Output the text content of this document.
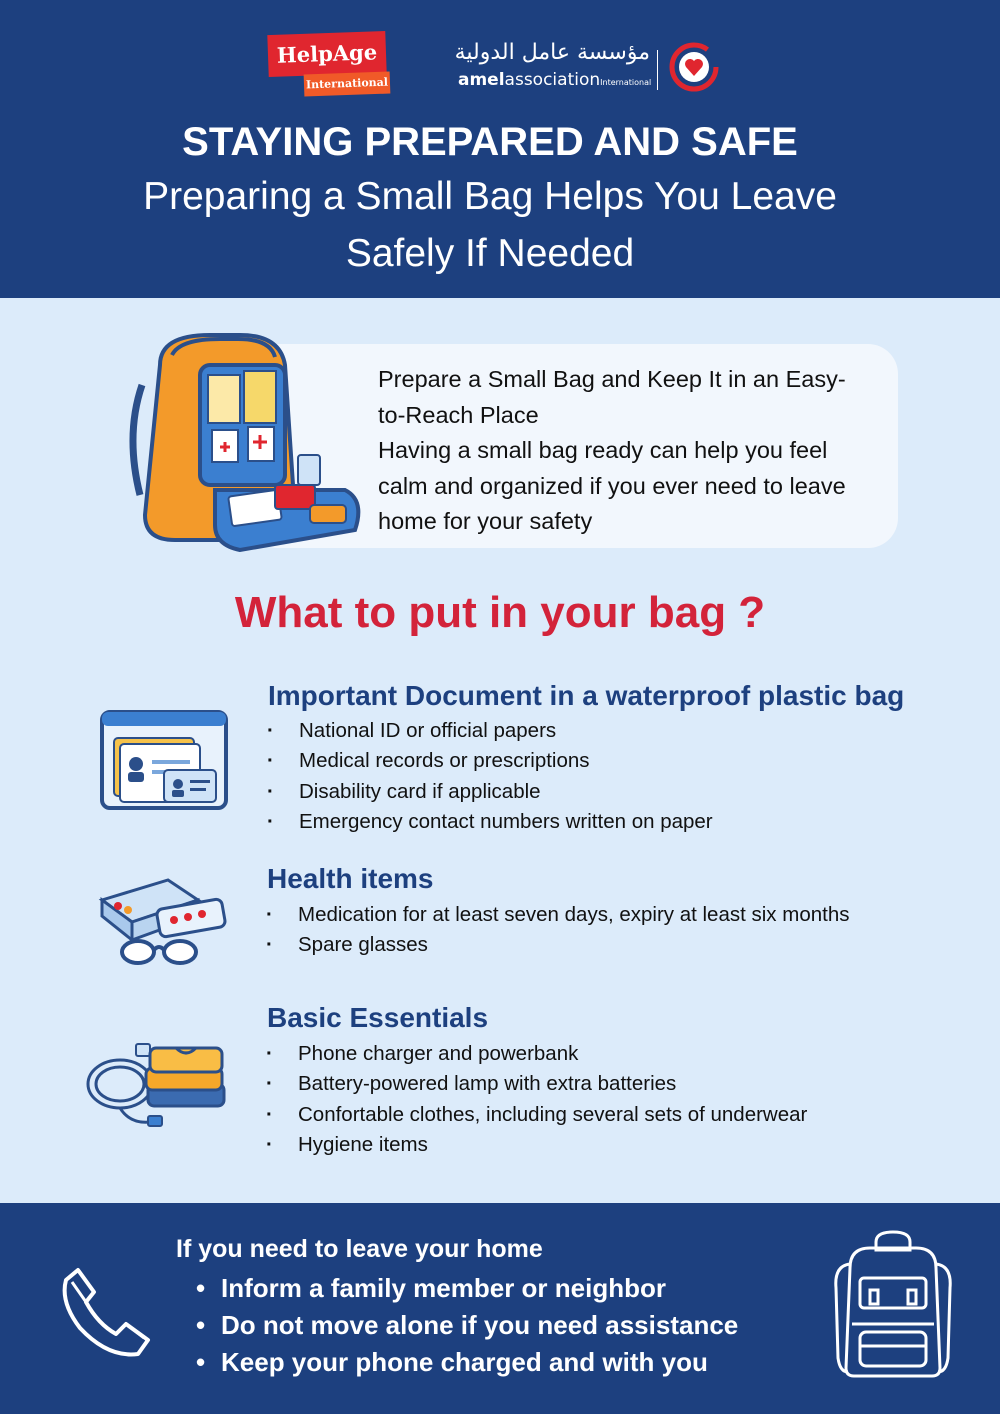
HelpAge
International
مؤسسة عامل الدولية
amelassociationInternational
STAYING PREPARED AND SAFE
Preparing a Small Bag Helps You Leave Safely If Needed
Prepare a Small Bag and Keep It in an Easy-to-Reach Place
Having a small bag ready can help you feel calm and organized if you ever need to leave home for your safety
What to put in your bag ?
Important Document in a waterproof plastic bag
· National ID or official papers
· Medical records or prescriptions
· Disability card if applicable
· Emergency contact numbers written on paper
Health items
· Medication for at least seven days, expiry at least six months
· Spare glasses
Basic Essentials
· Phone charger and powerbank
· Battery-powered lamp with extra batteries
· Confortable clothes, including several sets of underwear
· Hygiene items
If you need to leave your home
• Inform a family member or neighbor
• Do not move alone if you need assistance
• Keep your phone charged and with you
